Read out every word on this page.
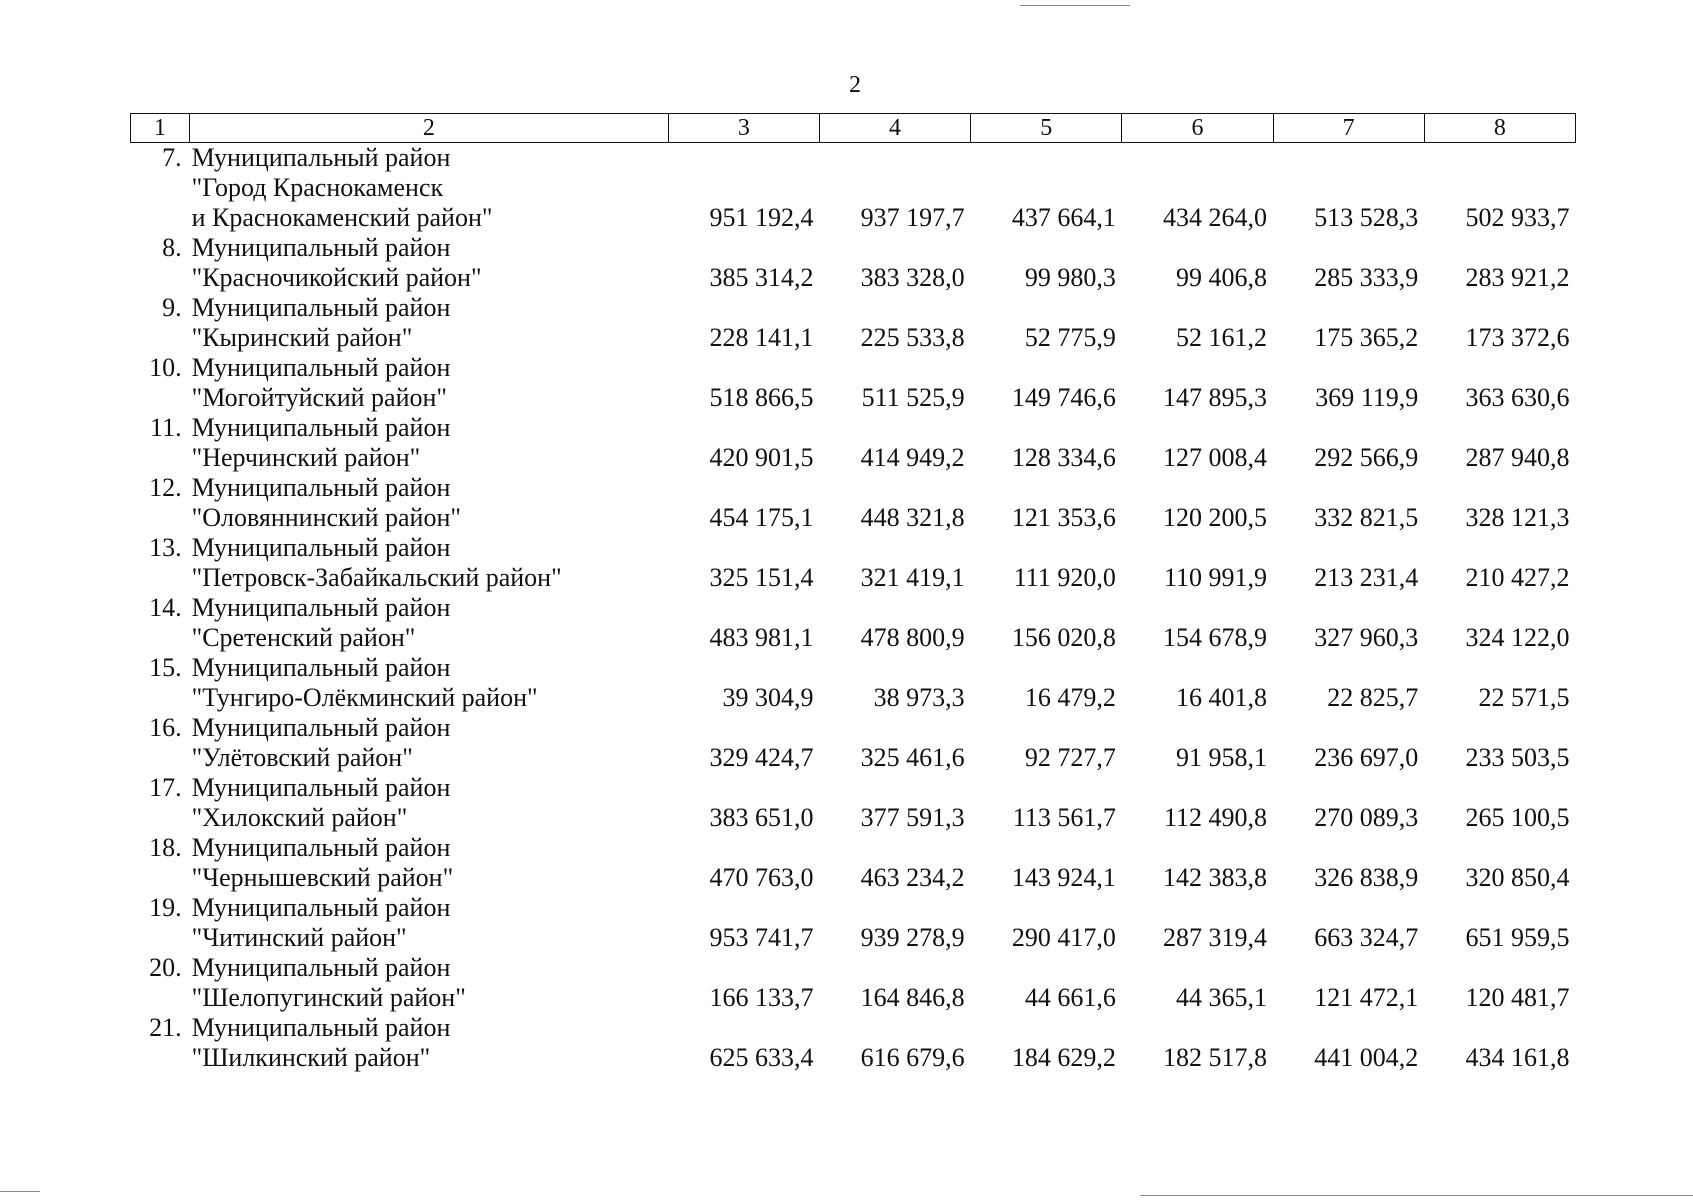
2
1	2	3	4	5	6	7	8
7.	Муниципальный район
"Город Краснокаменск
и Краснокаменский район"	951 192,4	937 197,7	437 664,1	434 264,0	513 528,3	502 933,7
8.	Муниципальный район
"Красночикойский район"	385 314,2	383 328,0	99 980,3	99 406,8	285 333,9	283 921,2
9.	Муниципальный район
"Кыринский район"	228 141,1	225 533,8	52 775,9	52 161,2	175 365,2	173 372,6
10.	Муниципальный район
"Могойтуйский район"	518 866,5	511 525,9	149 746,6	147 895,3	369 119,9	363 630,6
11.	Муниципальный район
"Нерчинский район"	420 901,5	414 949,2	128 334,6	127 008,4	292 566,9	287 940,8
12.	Муниципальный район
"Оловяннинский район"	454 175,1	448 321,8	121 353,6	120 200,5	332 821,5	328 121,3
13.	Муниципальный район
"Петровск-Забайкальский район"	325 151,4	321 419,1	111 920,0	110 991,9	213 231,4	210 427,2
14.	Муниципальный район
"Сретенский район"	483 981,1	478 800,9	156 020,8	154 678,9	327 960,3	324 122,0
15.	Муниципальный район
"Тунгиро-Олёкминский район"	39 304,9	38 973,3	16 479,2	16 401,8	22 825,7	22 571,5
16.	Муниципальный район
"Улётовский район"	329 424,7	325 461,6	92 727,7	91 958,1	236 697,0	233 503,5
17.	Муниципальный район
"Хилокский район"	383 651,0	377 591,3	113 561,7	112 490,8	270 089,3	265 100,5
18.	Муниципальный район
"Чернышевский район"	470 763,0	463 234,2	143 924,1	142 383,8	326 838,9	320 850,4
19.	Муниципальный район
"Читинский район"	953 741,7	939 278,9	290 417,0	287 319,4	663 324,7	651 959,5
20.	Муниципальный район
"Шелопугинский район"	166 133,7	164 846,8	44 661,6	44 365,1	121 472,1	120 481,7
21.	Муниципальный район
"Шилкинский район"	625 633,4	616 679,6	184 629,2	182 517,8	441 004,2	434 161,8
